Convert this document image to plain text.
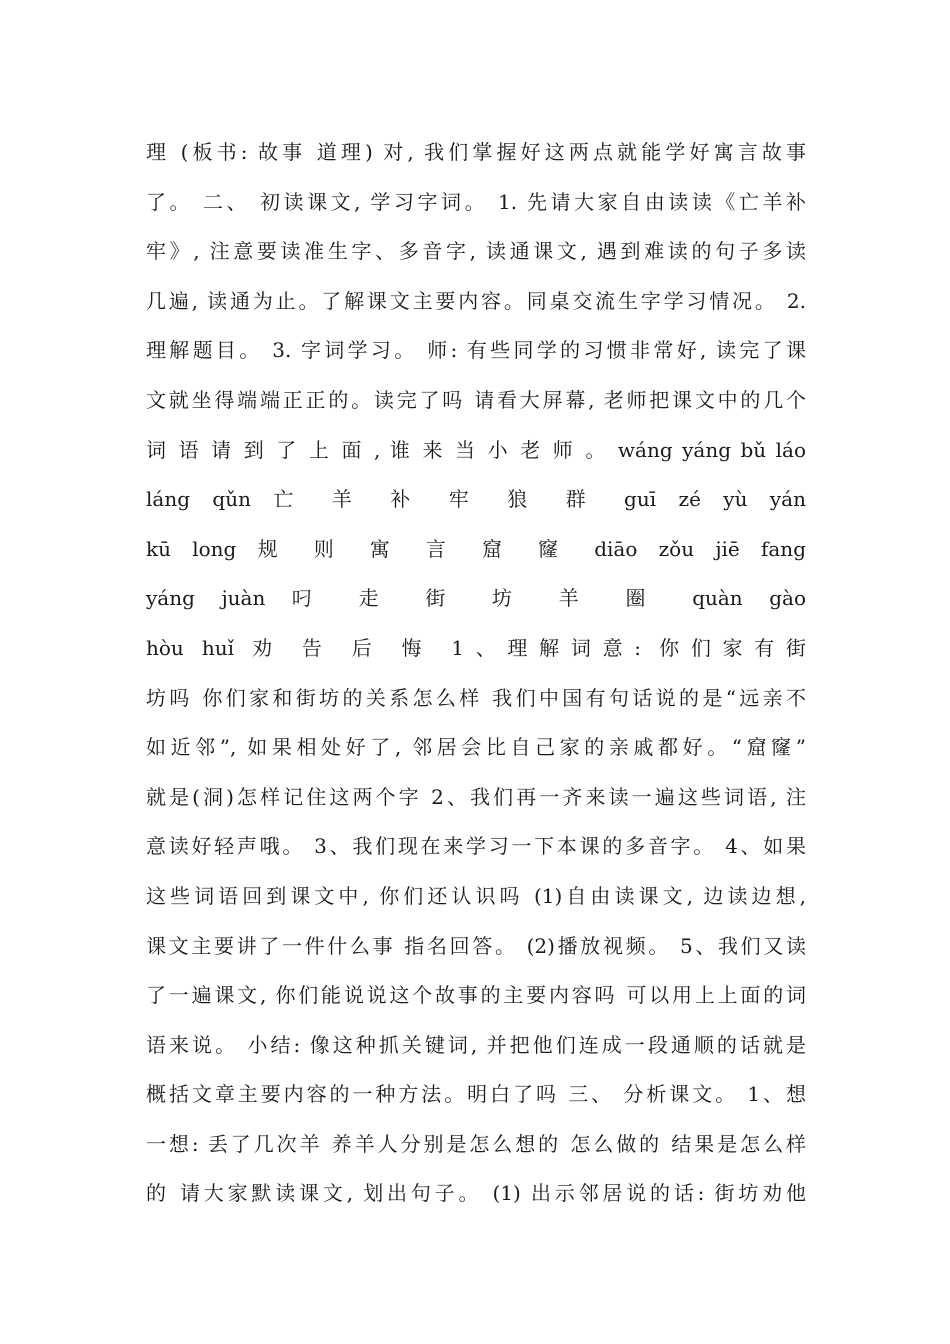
理 (板书: 故事 道理) 对, 我们掌握好这两点就能学好寓言故事
了。 二、 初读课文, 学习字词。 1. 先请大家自由读读《亡羊补
牢》, 注意要读准生字、多音字, 读通课文, 遇到难读的句子多读
几遍, 读通为止。了解课文主要内容。同桌交流生字学习情况。 2.
理解题目。 3. 字词学习。 师: 有些同学的习惯非常好, 读完了课
文就坐得端端正正的。读完了吗 请看大屏幕, 老师把课文中的几个
词 语 请 到 了 上 面 , 谁 来 当 小 老 师 。 wáng yáng bǔ láo
láng qǔn 亡 羊 补 牢 狼 群 guī zé yù yán
kū long 规 则 寓 言 窟 窿 diāo zǒu jiē fang
yáng juàn 叼 走 街 坊 羊 圈 quàn gào
hòu huǐ 劝 告 后 悔 1、理解词意: 你们家有街
坊吗 你们家和街坊的关系怎么样 我们中国有句话说的是“远亲不
如近邻”, 如果相处好了, 邻居会比自己家的亲戚都好。“窟窿”
就是(洞)怎样记住这两个字 2、我们再一齐来读一遍这些词语, 注
意读好轻声哦。 3、我们现在来学习一下本课的多音字。 4、如果
这些词语回到课文中, 你们还认识吗 (1)自由读课文, 边读边想,
课文主要讲了一件什么事 指名回答。 (2)播放视频。 5、我们又读
了一遍课文, 你们能说说这个故事的主要内容吗 可以用上上面的词
语来说。 小结: 像这种抓关键词, 并把他们连成一段通顺的话就是
概括文章主要内容的一种方法。明白了吗 三、 分析课文。 1、想
一想: 丢了几次羊 养羊人分别是怎么想的 怎么做的 结果是怎么样
的 请大家默读课文, 划出句子。 (1) 出示邻居说的话: 街坊劝他
